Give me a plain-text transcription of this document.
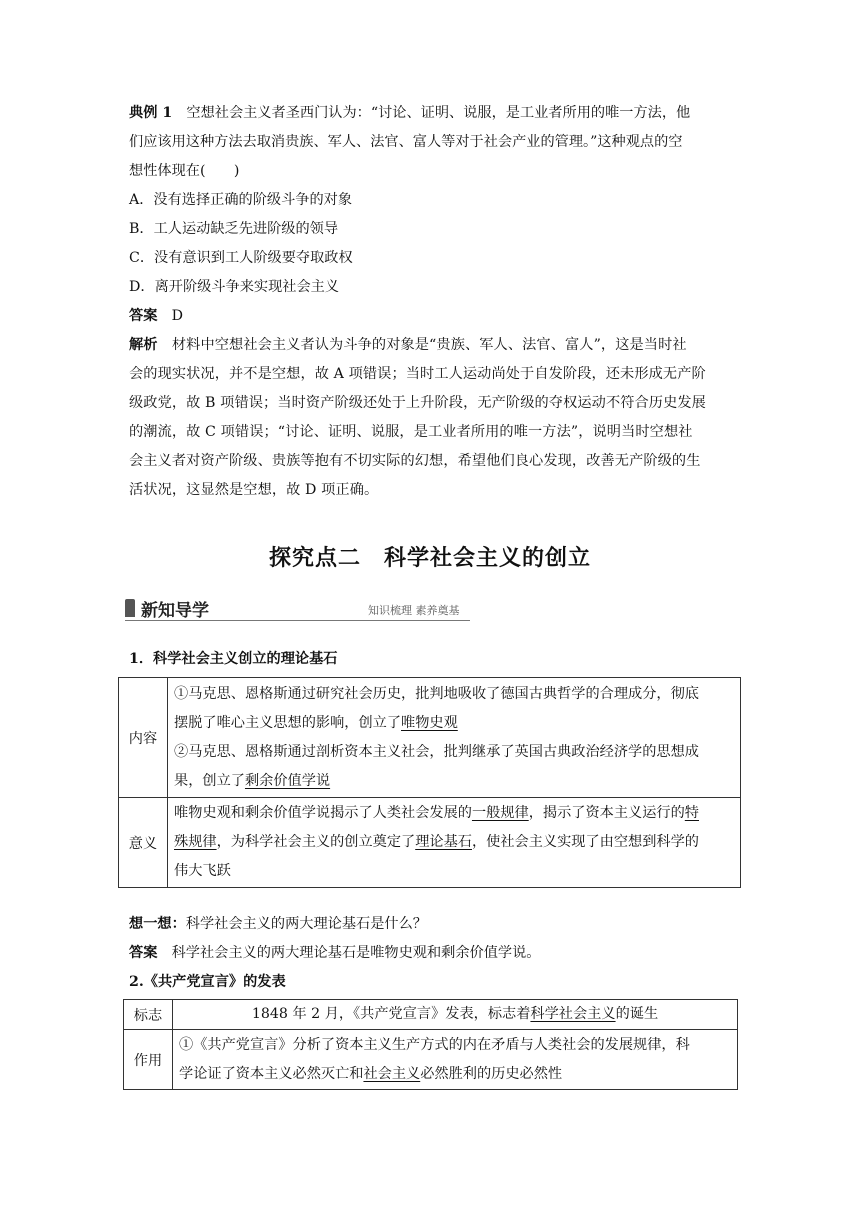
典例 1　 空想社会主义者圣西门认为：“讨论、证明、说服，是工业者所用的唯一方法，他
们应该用这种方法去取消贵族、军人、法官、富人等对于社会产业的管理。”这种观点的空
想性体现在(　　)
A．没有选择正确的阶级斗争的对象
B．工人运动缺乏先进阶级的领导
C．没有意识到工人阶级要夺取政权
D．离开阶级斗争来实现社会主义
答案　 D
解析　 材料中空想社会主义者认为斗争的对象是“贵族、军人、法官、富人”，这是当时社
会的现实状况，并不是空想，故 A 项错误；当时工人运动尚处于自发阶段，还未形成无产阶
级政党，故 B 项错误；当时资产阶级还处于上升阶段，无产阶级的夺权运动不符合历史发展
的潮流，故 C 项错误；“讨论、证明、说服，是工业者所用的唯一方法”，说明当时空想社
会主义者对资产阶级、贵族等抱有不切实际的幻想，希望他们良心发现，改善无产阶级的生
活状况，这显然是空想，故 D 项正确。
探究点二　科学社会主义的创立
新知导学	知识梳理 素养奠基
1．科学社会主义创立的理论基石
内容	①马克思、恩格斯通过研究社会历史，批判地吸收了德国古典哲学的合理成分，彻底

摆脱了唯心主义思想的影响，创立了唯物史观

②马克思、恩格斯通过剖析资本主义社会，批判继承了英国古典政治经济学的思想成

果，创立了剩余价值学说

意义	唯物史观和剩余价值学说揭示了人类社会发展的一般规律，揭示了资本主义运行的特

殊规律，为科学社会主义的创立奠定了理论基石，使社会主义实现了由空想到科学的

伟大飞跃

想一想：科学社会主义的两大理论基石是什么？
答案　 科学社会主义的两大理论基石是唯物史观和剩余价值学说。
2.《共产党宣言》的发表
标志	1848 年 2 月，《共产党宣言》发表，标志着科学社会主义的诞生

作用	①《共产党宣言》分析了资本主义生产方式的内在矛盾与人类社会的发展规律，科

学论证了资本主义必然灭亡和社会主义必然胜利的历史必然性
